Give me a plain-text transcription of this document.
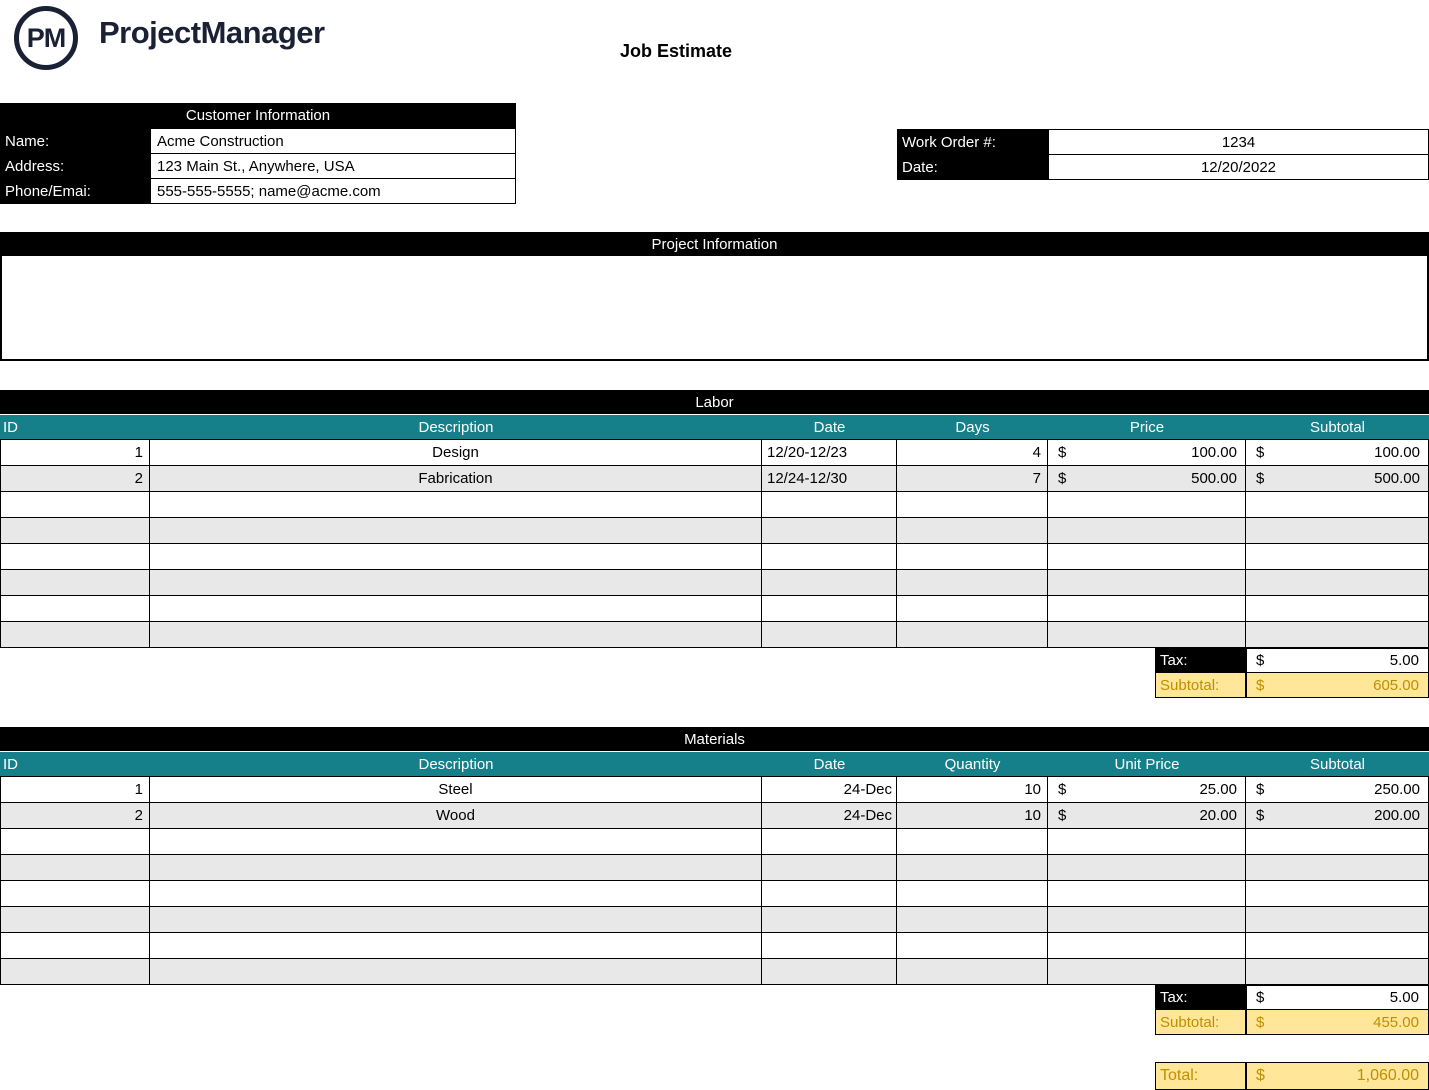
PM ProjectManager
Job Estimate
Customer Information
Name:	Acme Construction
Address:	123 Main St., Anywhere, USA
Phone/Emai:	555-555-5555; name@acme.com
Work Order #:	1234
Date:	12/20/2022
Project Information
Labor
ID	Description	Date	Days	Price	Subtotal
1	Design	12/20-12/23	4	$	100.00 $	100.00
2	Fabrication	12/24-12/30	7	$	500.00 $	500.00
Tax:	$	5.00
Subtotal:	$	605.00
Materials
ID	Description	Date	Quantity	Unit Price	Subtotal
1	Steel	24-Dec	10	$	25.00 $	250.00
2	Wood	24-Dec	10	$	20.00 $	200.00
Tax:	$	5.00
Subtotal:	$	455.00
Total:	$	1,060.00
